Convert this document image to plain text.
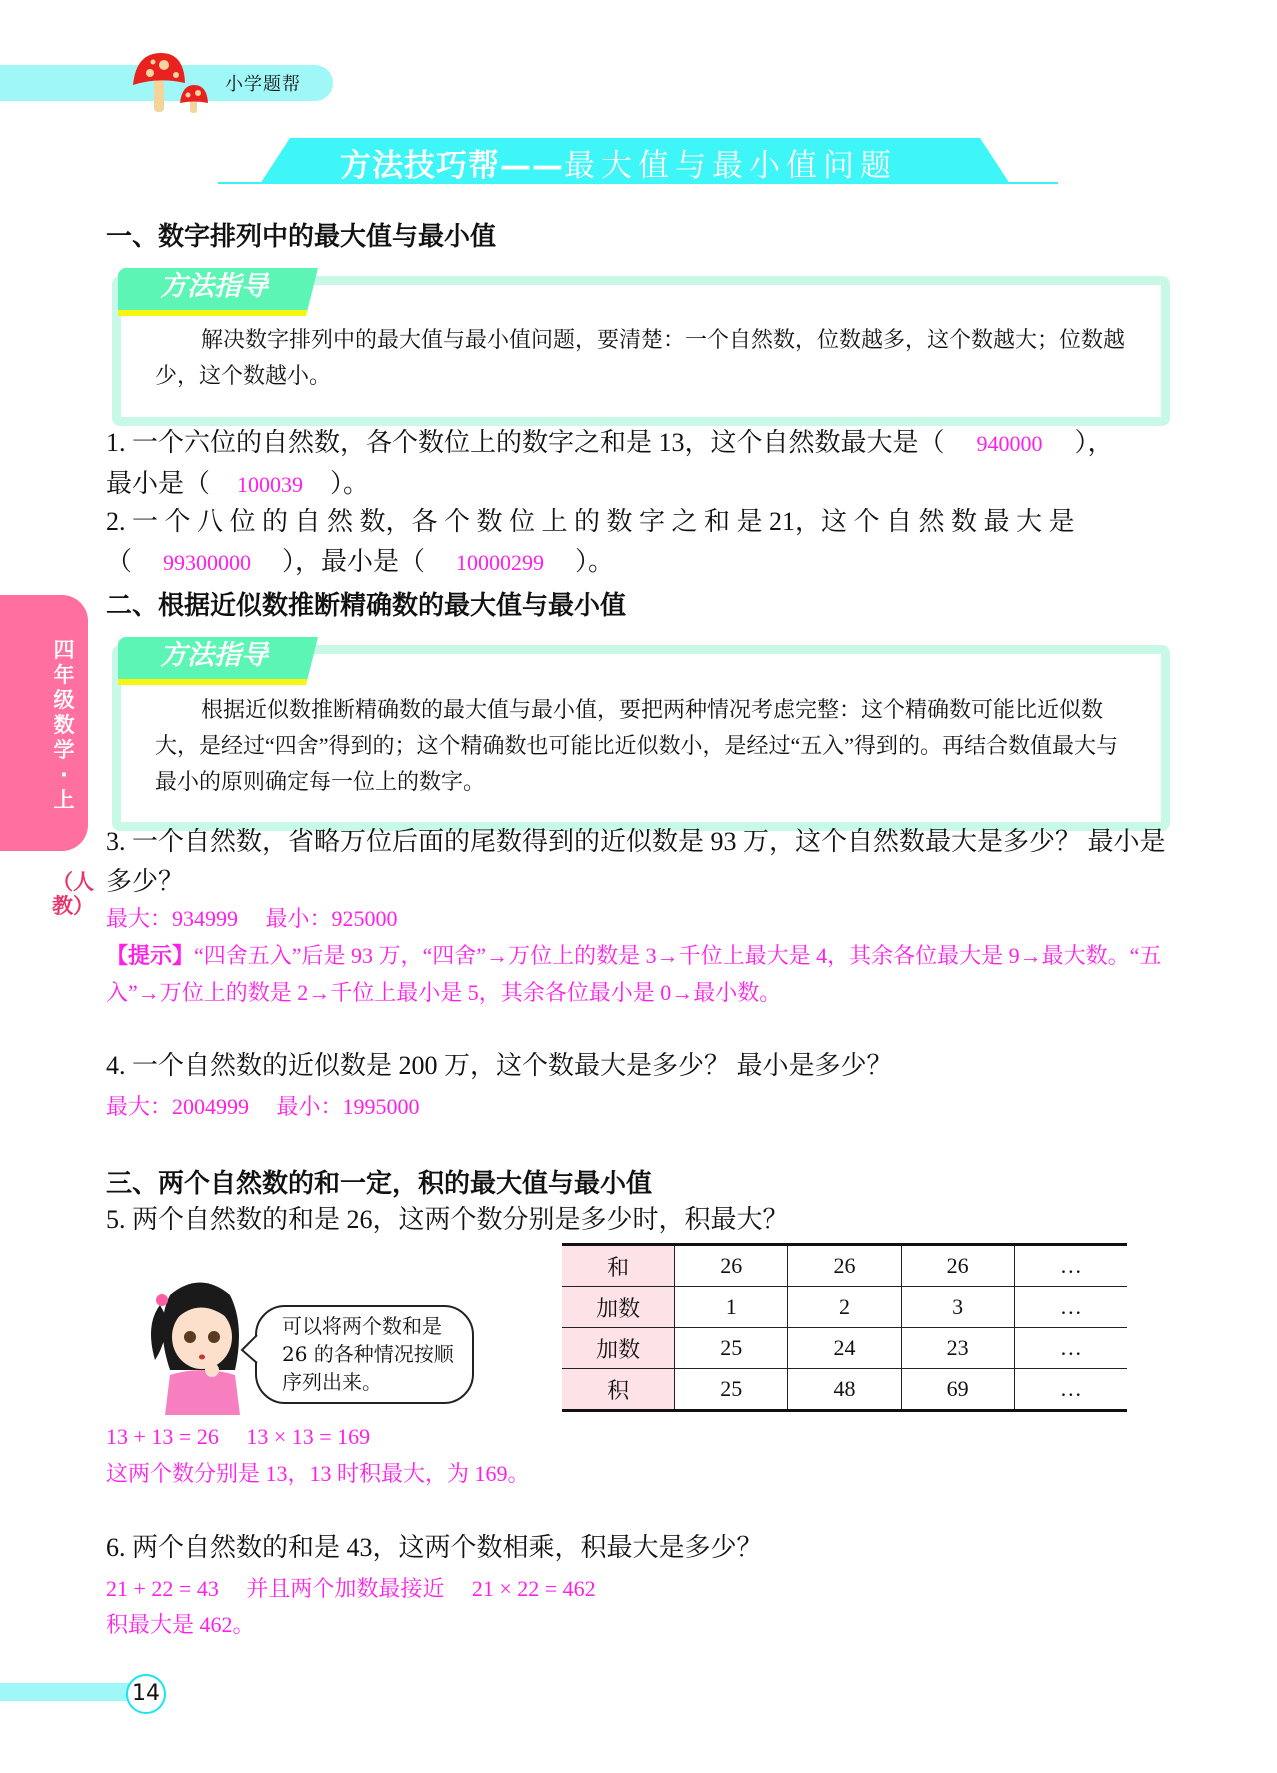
小学题帮
方法技巧帮——最大值与最小值问题
四年级数学·上
（人教）
一、数字排列中的最大值与最小值
方法指导
解决数字排列中的最大值与最小值问题，要清楚：一个自然数，位数越多，这个数越大；位数越少，这个数越小。
1. 一个六位的自然数，各个数位上的数字之和是 13，这个自然数最大是（ 940000 ），
最小是（ 100039 ）。
2. 一 个 八 位 的 自 然 数，各 个 数 位 上 的 数 字 之 和 是 21，这 个 自 然 数 最 大 是
（ 99300000 ），最小是（ 10000299 ）。
二、根据近似数推断精确数的最大值与最小值
方法指导
根据近似数推断精确数的最大值与最小值，要把两种情况考虑完整：这个精确数可能比近似数大，是经过“四舍”得到的；这个精确数也可能比近似数小，是经过“五入”得到的。再结合数值最大与最小的原则确定每一位上的数字。
3. 一个自然数，省略万位后面的尾数得到的近似数是 93 万，这个自然数最大是多少？ 最小是多少？
最大：934999　 最小：925000
【提示】“四舍五入”后是 93 万，“四舍”→万位上的数是 3→千位上最大是 4，其余各位最大是 9→最大数。“五入”→万位上的数是 2→千位上最小是 5，其余各位最小是 0→最小数。
4. 一个自然数的近似数是 200 万，这个数最大是多少？ 最小是多少？
最大：2004999　 最小：1995000
三、两个自然数的和一定，积的最大值与最小值
5. 两个自然数的和是 26，这两个数分别是多少时，积最大？
可以将两个数和是 26 的各种情况按顺序列出来。
和	26	26	26	…
加数	1	2	3	…
加数	25	24	23	…
积	25	48	69	…
13 + 13 = 26　 13 × 13 = 169
这两个数分别是 13，13 时积最大，为 169。
6. 两个自然数的和是 43，这两个数相乘，积最大是多少？
21 + 22 = 43　 并且两个加数最接近　 21 × 22 = 462
积最大是 462。
14
